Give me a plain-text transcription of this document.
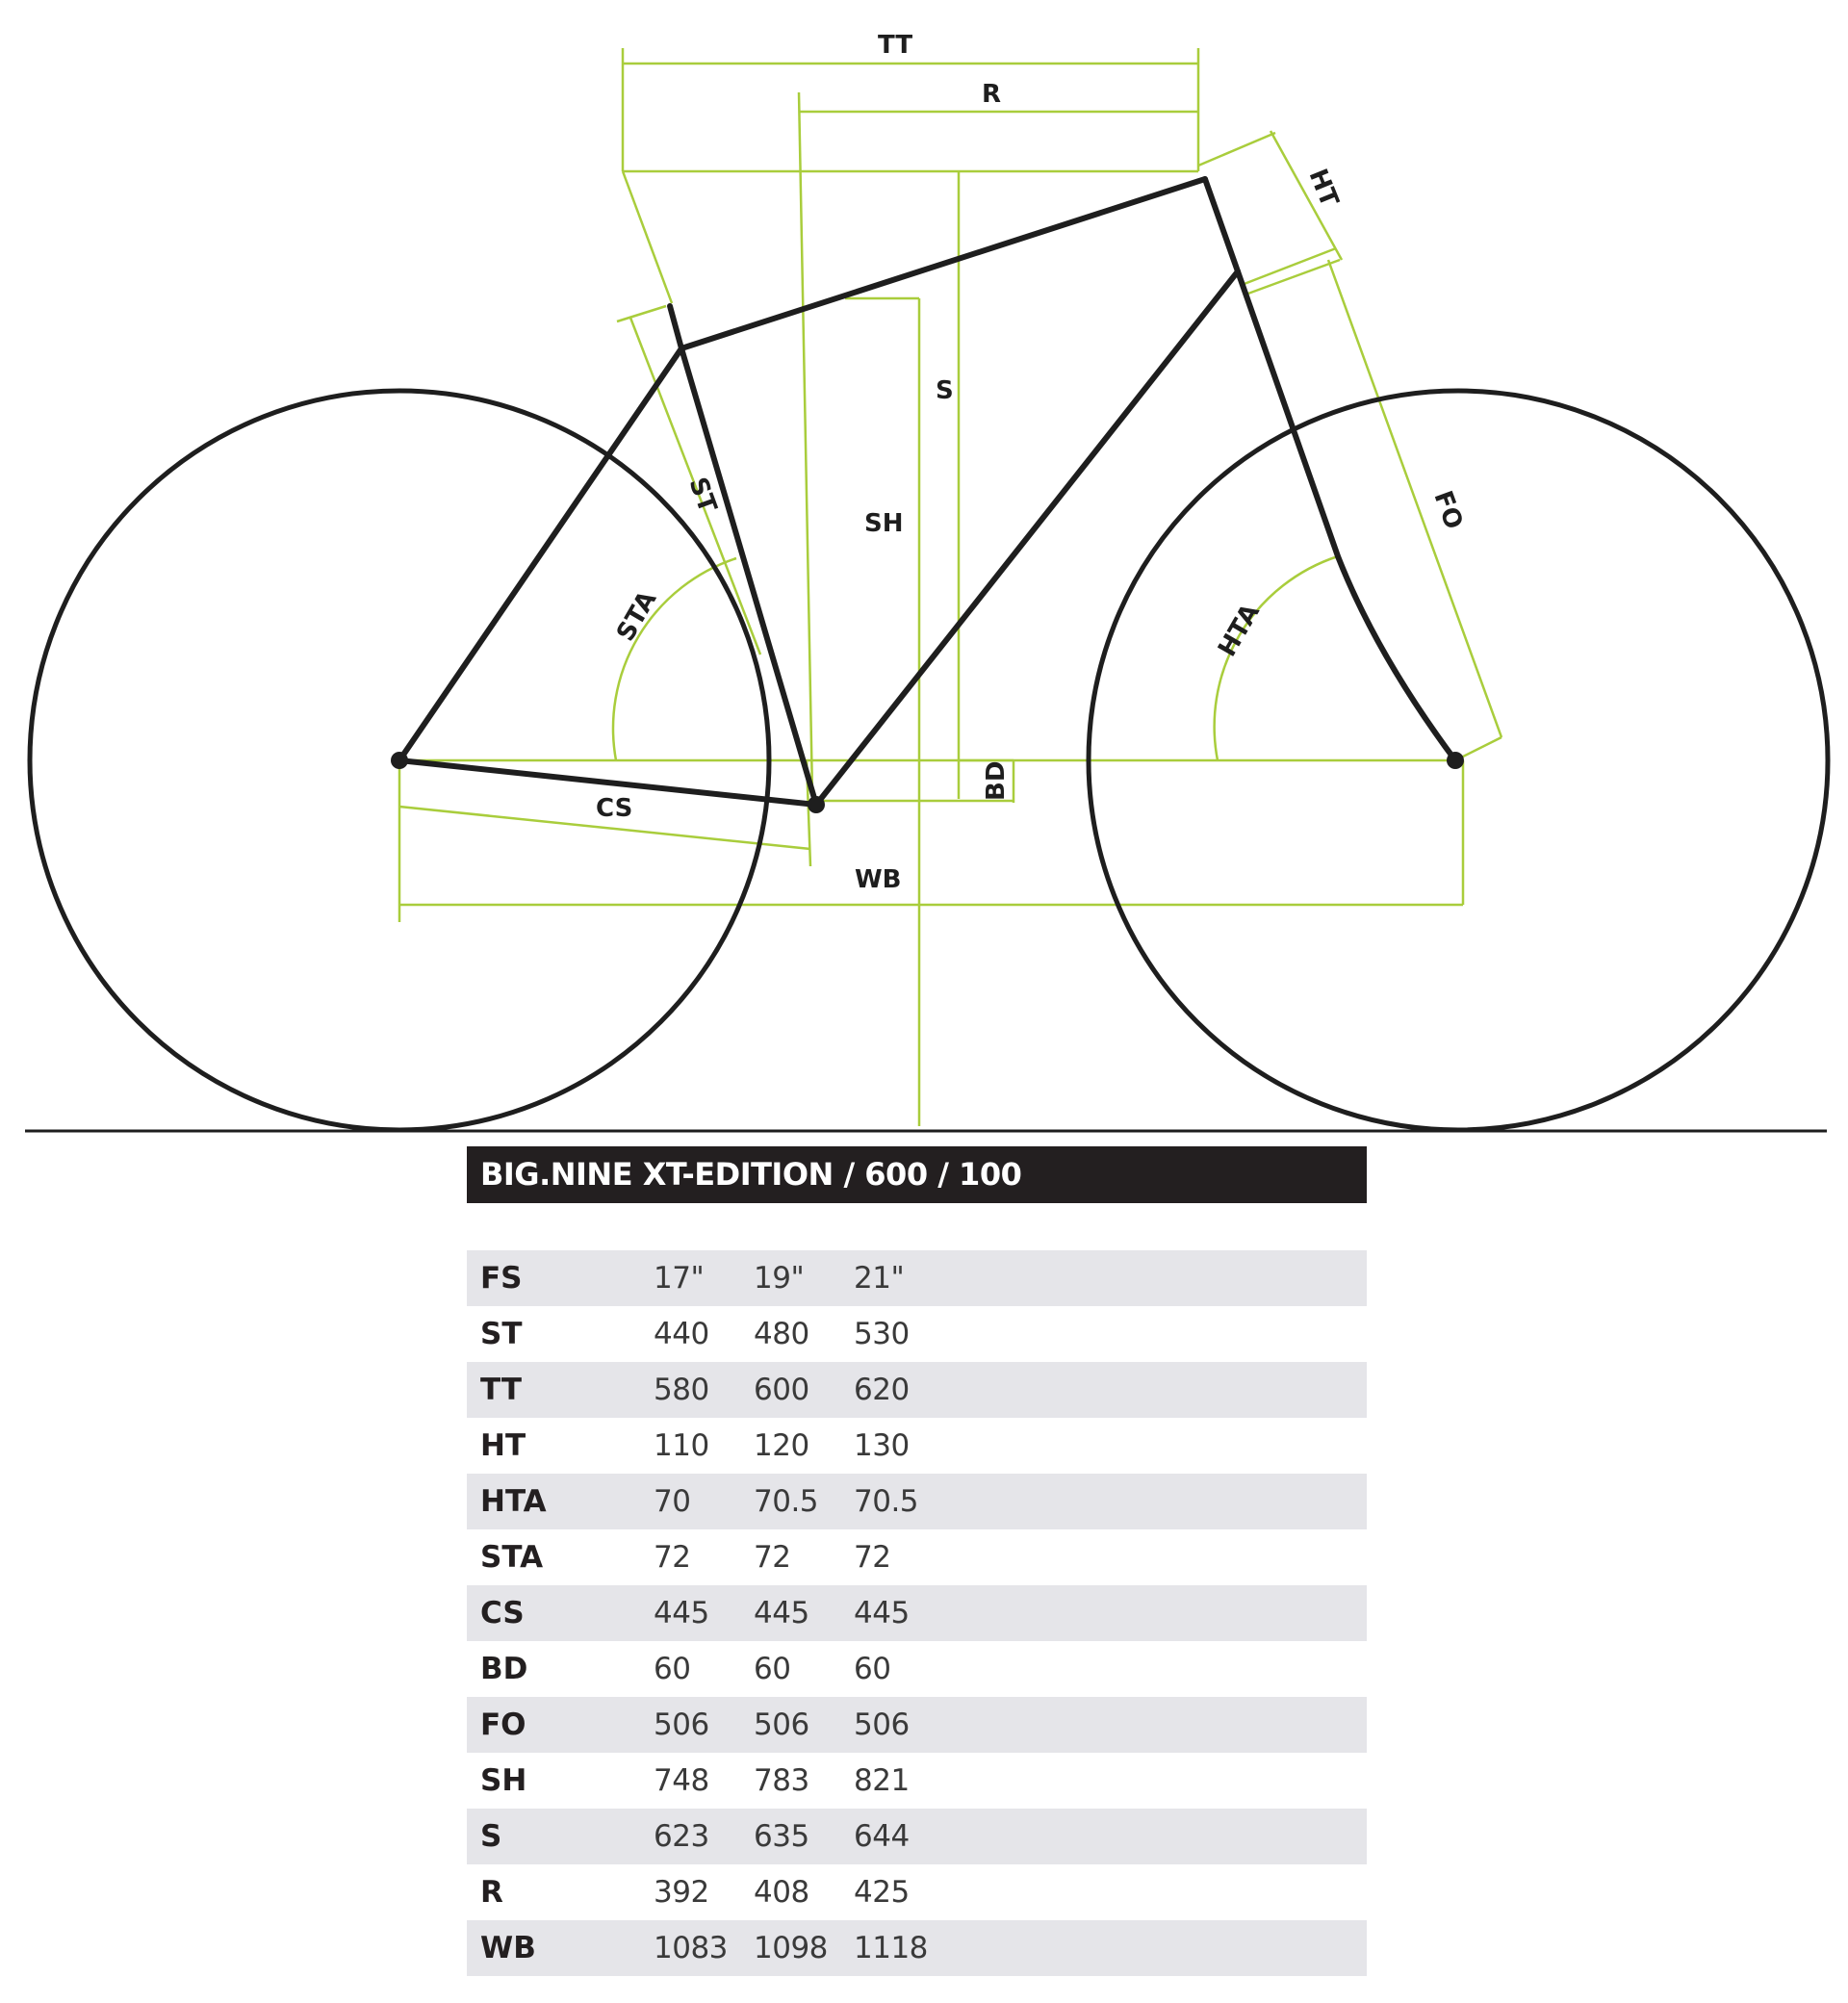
TT
R
HT
S
ST
SH	FO
STA	HTA
BD
CS
WB
BIG.NINE XT-EDITION / 600 / 100
FS	17"	19"	21"
ST	440	480	530
TT	580	600	620
HT	110	120	130
HTA	70	70.5	70.5
STA	72	72	72
CS	445	445	445
BD	60	60	60
FO	506	506	506
SH	748	783	821
S	623	635	644
R	392	408	425
WB	1083 1098 1118
